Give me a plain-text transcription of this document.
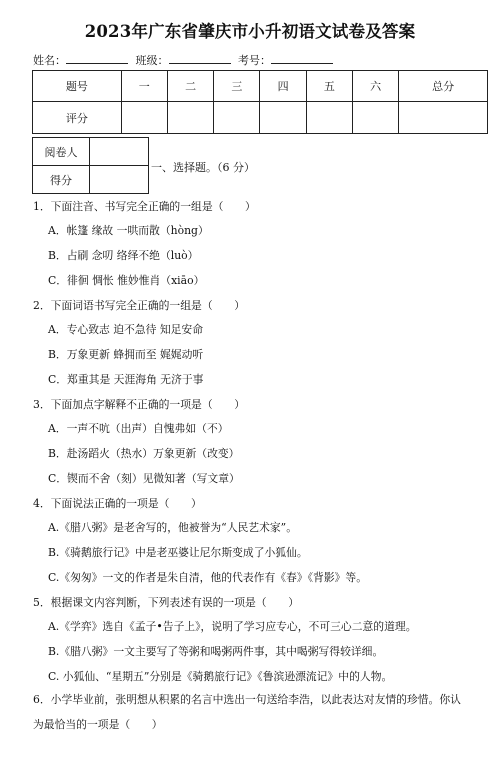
2023年广东省肇庆市小升初语文试卷及答案
姓名：	班级：	考号：
题号	一	二	三	四	五	六	总分
评分							
阅卷人	
得分	
一、选择题。（6 分）
1．下面注音、书写完全正确的一组是（　　）
A．帐篷 缘故 一哄而散（hòng）
B．占刷 念叨 络绎不绝（luò）
C．徘徊 惆怅 惟妙惟肖（xiāo）
2．下面词语书写完全正确的一组是（　　）
A．专心致志 迫不急待 知足安命
B．万象更新 蜂拥而至 娓娓动听
C．郑重其是 天涯海角 无济于事
3．下面加点字解释不正确的一项是（　　）
A．一声不吭（出声）自愧弗如（不）
B．赴汤蹈火（热水）万象更新（改变）
C．锲而不舍（刻）见微知著（写文章）
4．下面说法正确的一项是（　　）
A.《腊八粥》是老舍写的，他被誉为“人民艺术家”。
B.《骑鹅旅行记》中是老巫婆让尼尔斯变成了小狐仙。
C.《匆匆》一文的作者是朱自清，他的代表作有《春》《背影》等。
5．根据课文内容判断，下列表述有误的一项是（　　）
A.《学弈》选自《孟子•告子上》，说明了学习应专心，不可三心二意的道理。
B.《腊八粥》一文主要写了等粥和喝粥两件事，其中喝粥写得较详细。
C. 小狐仙、“星期五”分别是《骑鹅旅行记》《鲁滨逊漂流记》中的人物。
6．小学毕业前，张明想从积累的名言中选出一句送给李浩，以此表达对友情的珍惜。你认为最恰当的一项是（　　）
